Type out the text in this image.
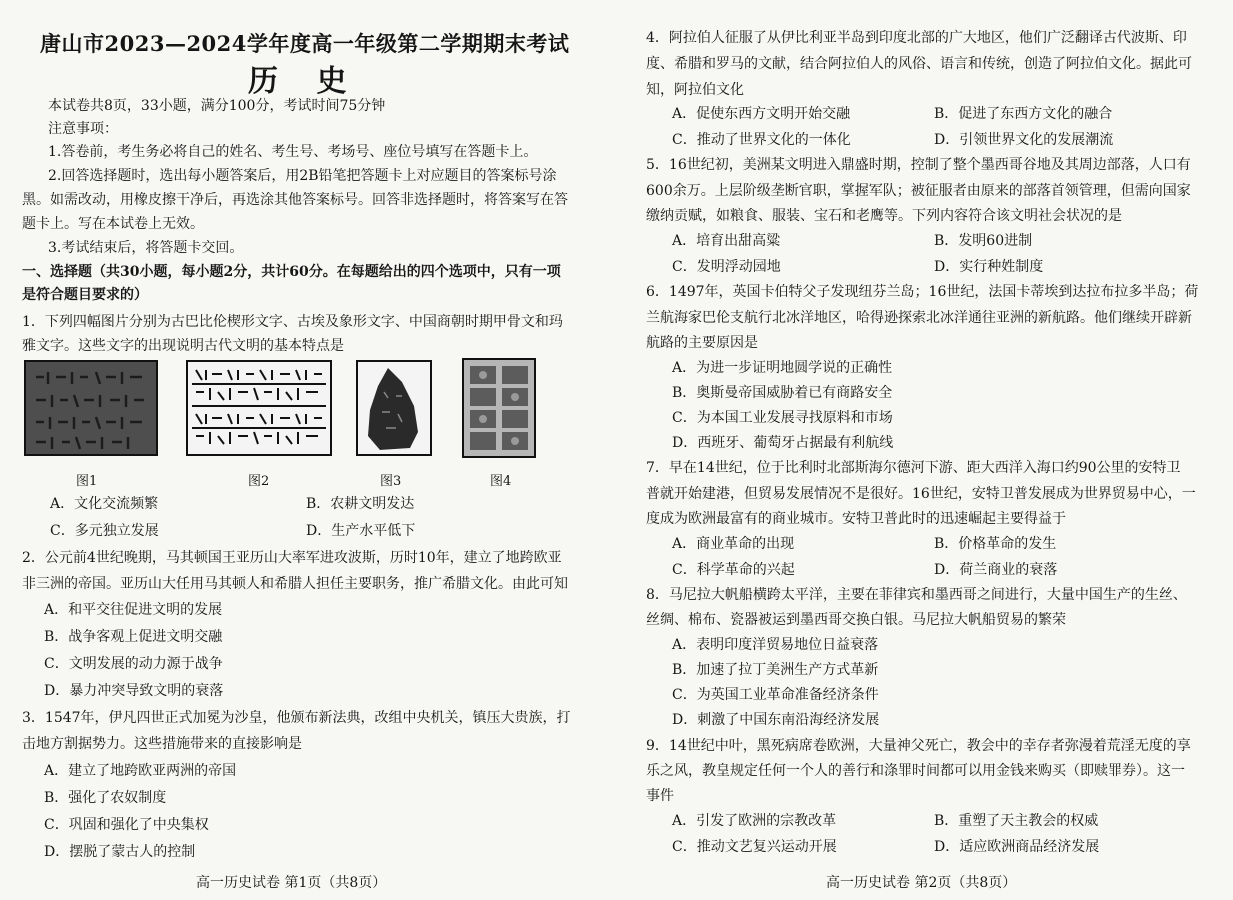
唐山市2023—2024学年度高一年级第二学期期末考试
历 史
本试卷共8页，33小题，满分100分，考试时间75分钟
注意事项：
1.答卷前，考生务必将自己的姓名、考生号、考场号、座位号填写在答题卡上。
2.回答选择题时，选出每小题答案后，用2B铅笔把答题卡上对应题目的答案标号涂
黑。如需改动，用橡皮擦干净后，再选涂其他答案标号。回答非选择题时，将答案写在答
题卡上。写在本试卷上无效。
3.考试结束后，将答题卡交回。
一、选择题（共30小题，每小题2分，共计60分。在每题给出的四个选项中，只有一项
是符合题目要求的）
1．下列四幅图片分别为古巴比伦楔形文字、古埃及象形文字、中国商朝时期甲骨文和玛
雅文字。这些文字的出现说明古代文明的基本特点是
图1	图2	图3	图4
A．文化交流频繁	B．农耕文明发达
C．多元独立发展	D．生产水平低下
2．公元前4世纪晚期，马其顿国王亚历山大率军进攻波斯，历时10年，建立了地跨欧亚
非三洲的帝国。亚历山大任用马其顿人和希腊人担任主要职务，推广希腊文化。由此可知
A．和平交往促进文明的发展
B．战争客观上促进文明交融
C．文明发展的动力源于战争
D．暴力冲突导致文明的衰落
3．1547年，伊凡四世正式加冕为沙皇，他颁布新法典，改组中央机关，镇压大贵族，打
击地方割据势力。这些措施带来的直接影响是
A．建立了地跨欧亚两洲的帝国
B．强化了农奴制度
C．巩固和强化了中央集权
D．摆脱了蒙古人的控制
高一历史试卷 第1页（共8页）
4．阿拉伯人征服了从伊比利亚半岛到印度北部的广大地区，他们广泛翻译古代波斯、印
度、希腊和罗马的文献，结合阿拉伯人的风俗、语言和传统，创造了阿拉伯文化。据此可
知，阿拉伯文化
A．促使东西方文明开始交融	B．促进了东西方文化的融合
C．推动了世界文化的一体化	D．引领世界文化的发展潮流
5．16世纪初，美洲某文明进入鼎盛时期，控制了整个墨西哥谷地及其周边部落，人口有
600余万。上层阶级垄断官职，掌握军队；被征服者由原来的部落首领管理，但需向国家
缴纳贡赋，如粮食、服装、宝石和老鹰等。下列内容符合该文明社会状况的是
A．培育出甜高粱	B．发明60进制
C．发明浮动园地	D．实行种姓制度
6．1497年，英国卡伯特父子发现纽芬兰岛；16世纪，法国卡蒂埃到达拉布拉多半岛；荷
兰航海家巴伦支航行北冰洋地区，哈得逊探索北冰洋通往亚洲的新航路。他们继续开辟新
航路的主要原因是
A．为进一步证明地圆学说的正确性
B．奥斯曼帝国威胁着已有商路安全
C．为本国工业发展寻找原料和市场
D．西班牙、葡萄牙占据最有利航线
7．早在14世纪，位于比利时北部斯海尔德河下游、距大西洋入海口约90公里的安特卫
普就开始建港，但贸易发展情况不是很好。16世纪，安特卫普发展成为世界贸易中心，一
度成为欧洲最富有的商业城市。安特卫普此时的迅速崛起主要得益于
A．商业革命的出现	B．价格革命的发生
C．科学革命的兴起	D．荷兰商业的衰落
8．马尼拉大帆船横跨太平洋，主要在菲律宾和墨西哥之间进行，大量中国生产的生丝、
丝绸、棉布、瓷器被运到墨西哥交换白银。马尼拉大帆船贸易的繁荣
A．表明印度洋贸易地位日益衰落
B．加速了拉丁美洲生产方式革新
C．为英国工业革命准备经济条件
D．刺激了中国东南沿海经济发展
9．14世纪中叶，黑死病席卷欧洲，大量神父死亡，教会中的幸存者弥漫着荒淫无度的享
乐之风，教皇规定任何一个人的善行和涤罪时间都可以用金钱来购买（即赎罪券）。这一
事件
A．引发了欧洲的宗教改革	B．重塑了天主教会的权威
C．推动文艺复兴运动开展	D．适应欧洲商品经济发展
高一历史试卷 第2页（共8页）
